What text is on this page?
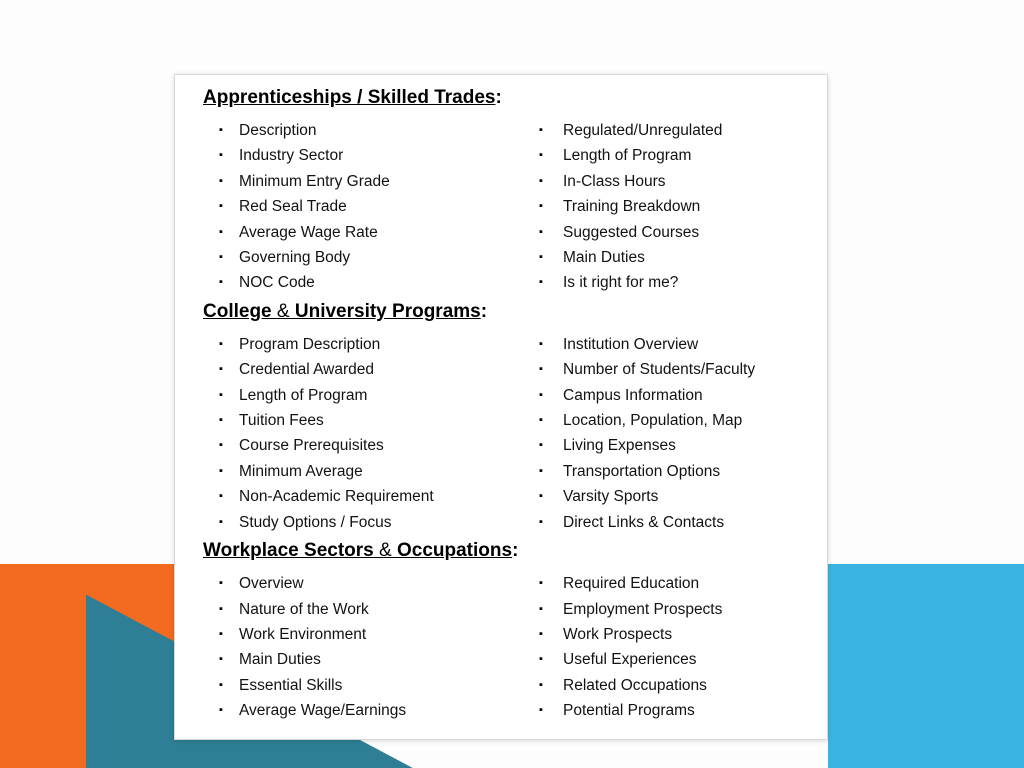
Apprenticeships / Skilled Trades:
▪	Description
▪	Industry Sector
▪	Minimum Entry Grade
▪	Red Seal Trade
▪	Average Wage Rate
▪	Governing Body
▪	NOC Code
▪	Regulated/Unregulated
▪	Length of Program
▪	In-Class Hours
▪	Training Breakdown
▪	Suggested Courses
▪	Main Duties
▪	Is it right for me?
College & University Programs:
▪	Program Description
▪	Credential Awarded
▪	Length of Program
▪	Tuition Fees
▪	Course Prerequisites
▪	Minimum Average
▪	Non-Academic Requirement
▪	Study Options / Focus
▪	Institution Overview
▪	Number of Students/Faculty
▪	Campus Information
▪	Location, Population, Map
▪	Living Expenses
▪	Transportation Options
▪	Varsity Sports
▪	Direct Links & Contacts
Workplace Sectors & Occupations:
▪	Overview
▪	Nature of the Work
▪	Work Environment
▪	Main Duties
▪	Essential Skills
▪	Average Wage/Earnings
▪	Required Education
▪	Employment Prospects
▪	Work Prospects
▪	Useful Experiences
▪	Related Occupations
▪	Potential Programs
